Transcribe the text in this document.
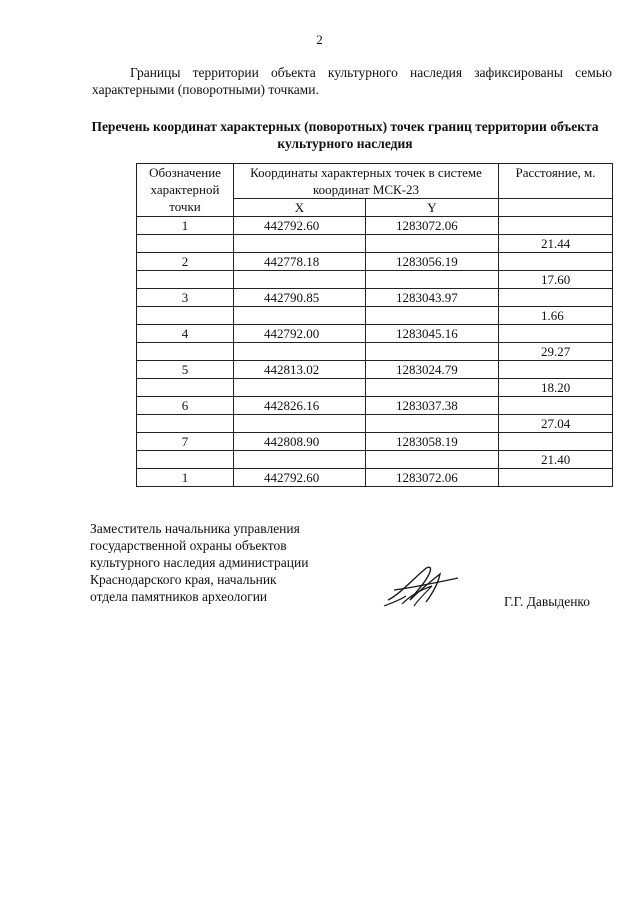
2

Границы территории объекта культурного наследия зафиксированы семью характерными (поворотными) точками.

Перечень координат характерных (поворотных) точек границ территории объекта культурного наследия
Обозначение характерной точки	Координаты характерных точек в системе координат МСК-23		Расстояние, м.
	X	Y	
1	442792.60	1283072.06	
			21.44
2	442778.18	1283056.19	
			17.60
3	442790.85	1283043.97	
			1.66
4	442792.00	1283045.16	
			29.27
5	442813.02	1283024.79	
			18.20
6	442826.16	1283037.38	
			27.04
7	442808.90	1283058.19	
			21.40
1	442792.60	1283072.06	
Заместитель начальника управления
государственной охраны объектов
культурного наследия администрации
Краснодарского края, начальник
отдела памятников археологии	Г.Г. Давыденко
